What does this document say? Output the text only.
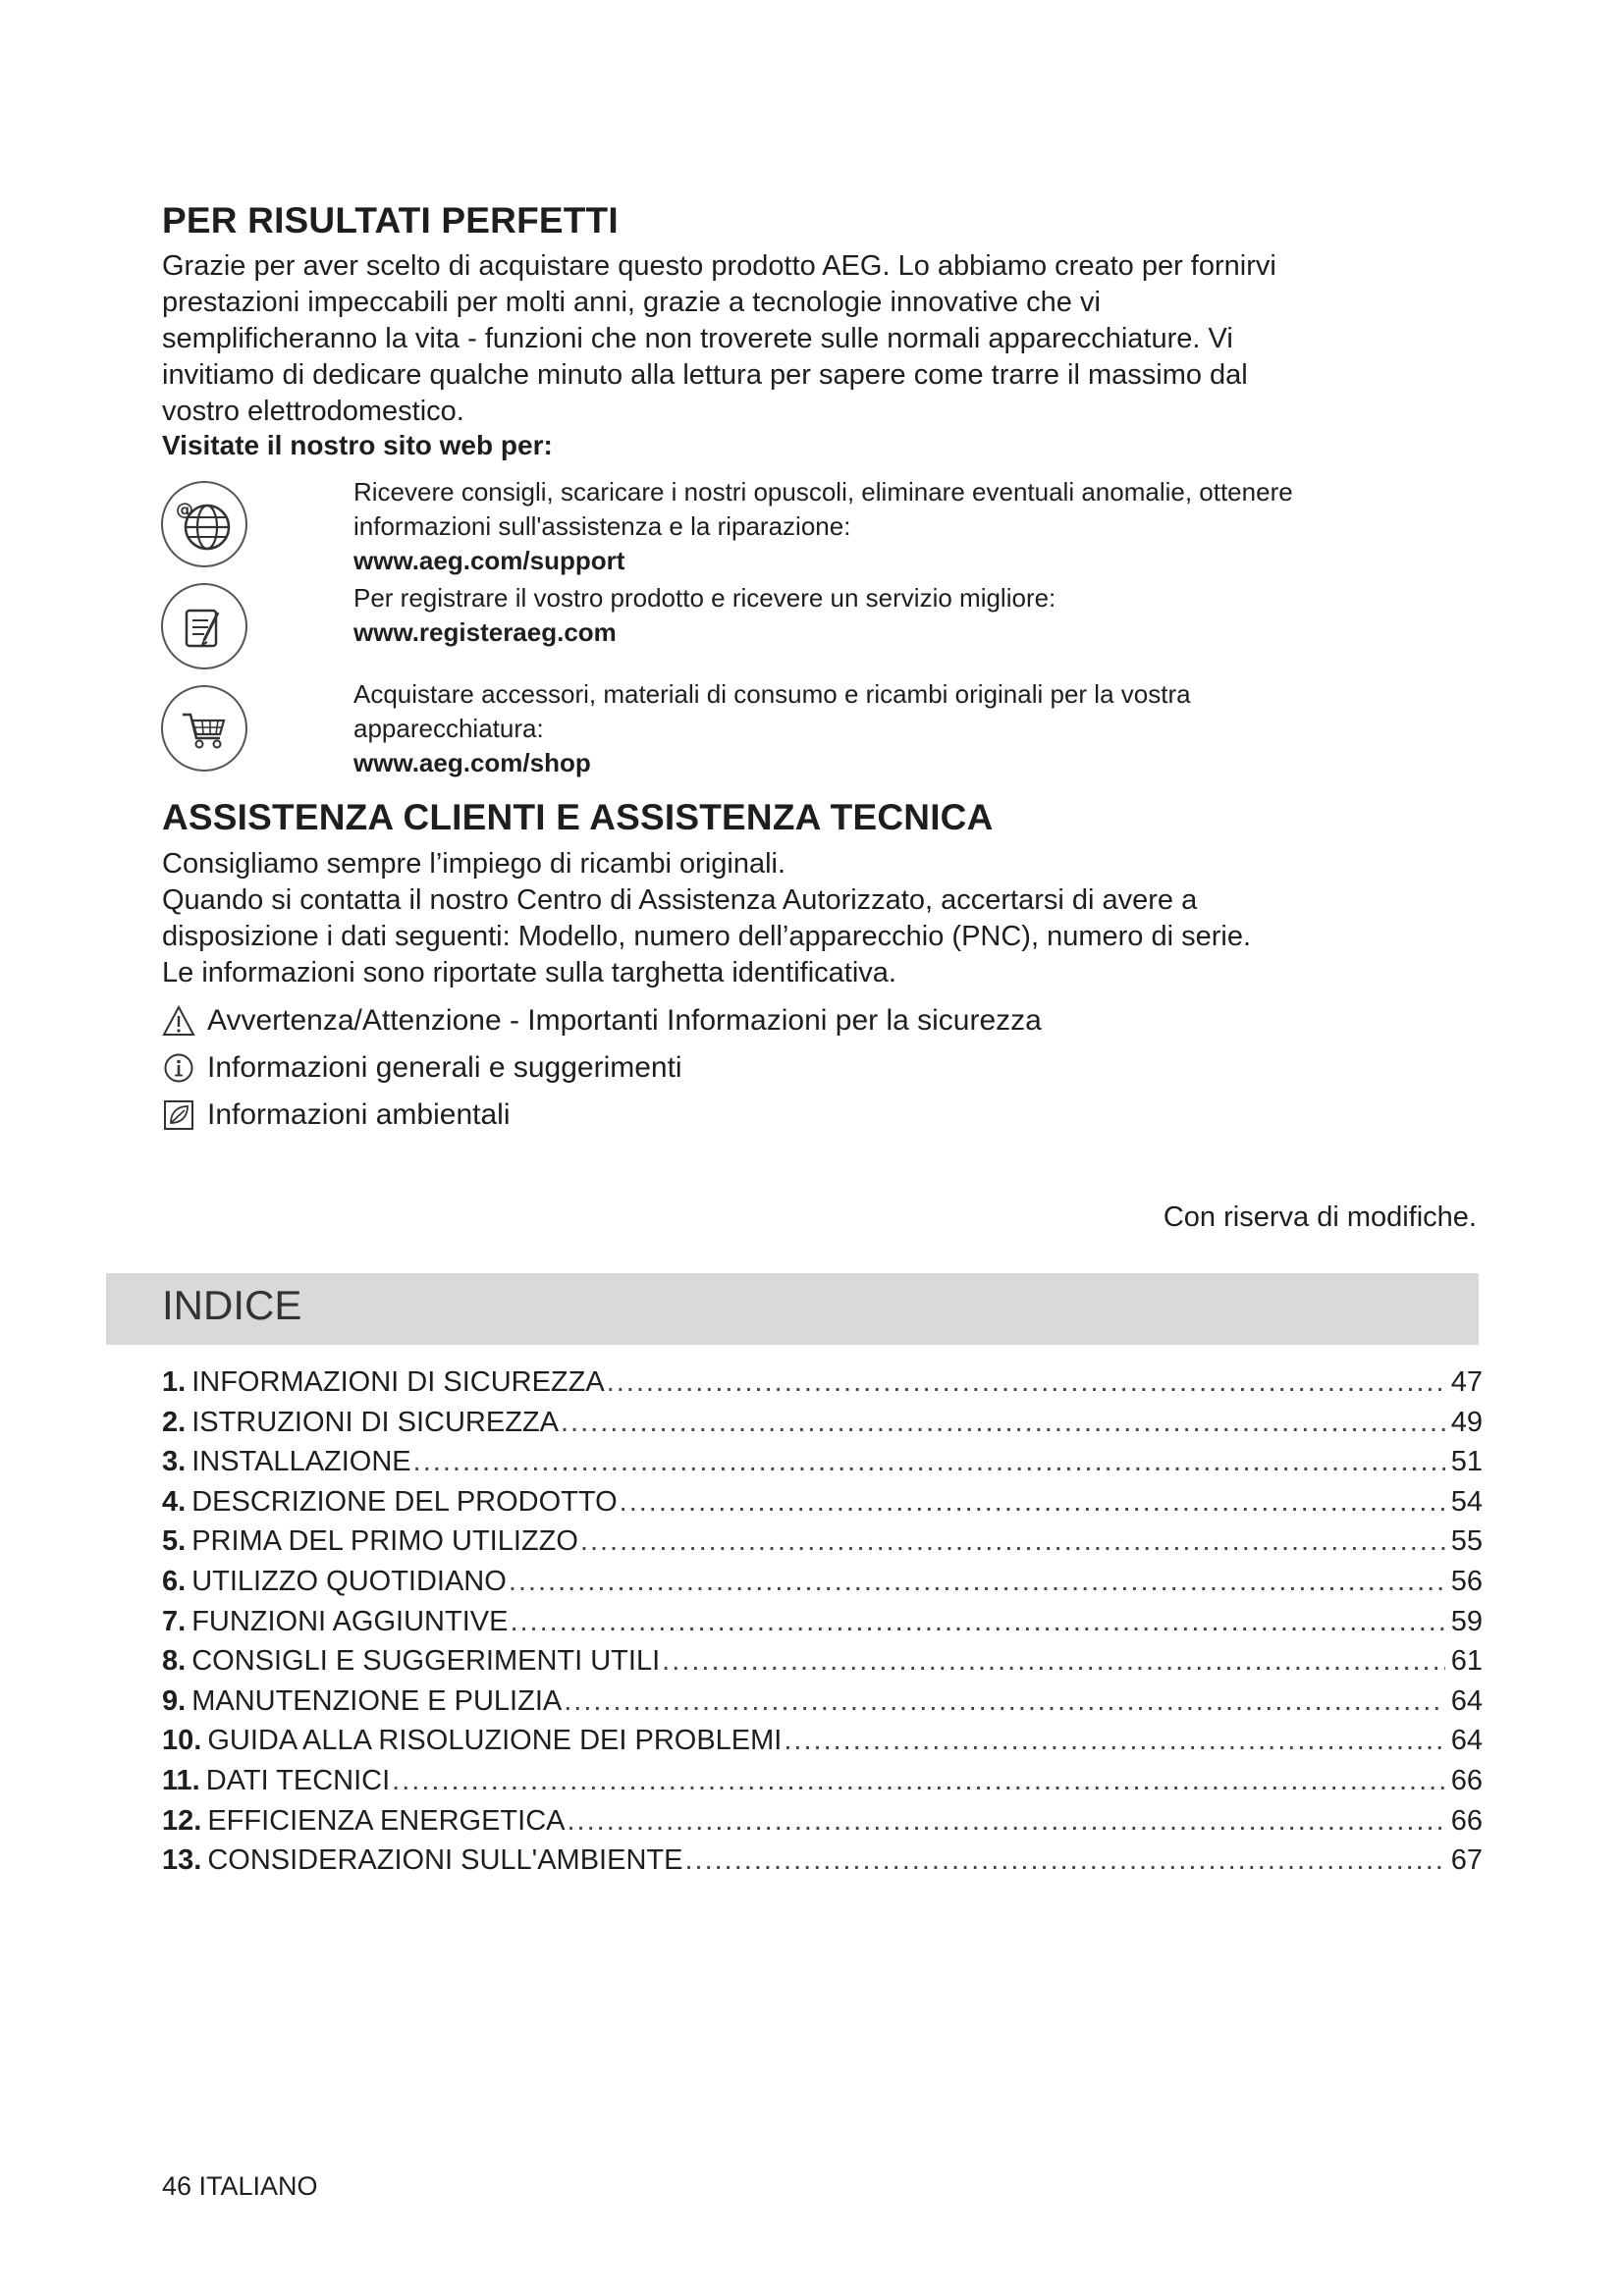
PER RISULTATI PERFETTI
Grazie per aver scelto di acquistare questo prodotto AEG. Lo abbiamo creato per fornirvi
prestazioni impeccabili per molti anni, grazie a tecnologie innovative che vi
semplificheranno la vita - funzioni che non troverete sulle normali apparecchiature. Vi
invitiamo di dedicare qualche minuto alla lettura per sapere come trarre il massimo dal
vostro elettrodomestico.
Visitate il nostro sito web per:
@
Ricevere consigli, scaricare i nostri opuscoli, eliminare eventuali anomalie, ottenere
informazioni sull'assistenza e la riparazione:
www.aeg.com/support
Per registrare il vostro prodotto e ricevere un servizio migliore:
www.registeraeg.com
Acquistare accessori, materiali di consumo e ricambi originali per la vostra
apparecchiatura:
www.aeg.com/shop
ASSISTENZA CLIENTI E ASSISTENZA TECNICA
Consigliamo sempre l’impiego di ricambi originali.
Quando si contatta il nostro Centro di Assistenza Autorizzato, accertarsi di avere a
disposizione i dati seguenti: Modello, numero dell’apparecchio (PNC), numero di serie.
Le informazioni sono riportate sulla targhetta identificativa.
Avvertenza/Attenzione - Importanti Informazioni per la sicurezza
Informazioni generali e suggerimenti
Informazioni ambientali
Con riserva di modifiche.
INDICE
1. INFORMAZIONI DI SICUREZZA .....	47
2. ISTRUZIONI DI SICUREZZA .....	49
3. INSTALLAZIONE .....	51
4. DESCRIZIONE DEL PRODOTTO .....	54
5. PRIMA DEL PRIMO UTILIZZO .....	55
6. UTILIZZO QUOTIDIANO .....	56
7. FUNZIONI AGGIUNTIVE .....	59
8. CONSIGLI E SUGGERIMENTI UTILI .....	61
9. MANUTENZIONE E PULIZIA .....	64
10. GUIDA ALLA RISOLUZIONE DEI PROBLEMI .....	64
11. DATI TECNICI .....	66
12. EFFICIENZA ENERGETICA .....	66
13. CONSIDERAZIONI SULL'AMBIENTE .....	67
46 ITALIANO
